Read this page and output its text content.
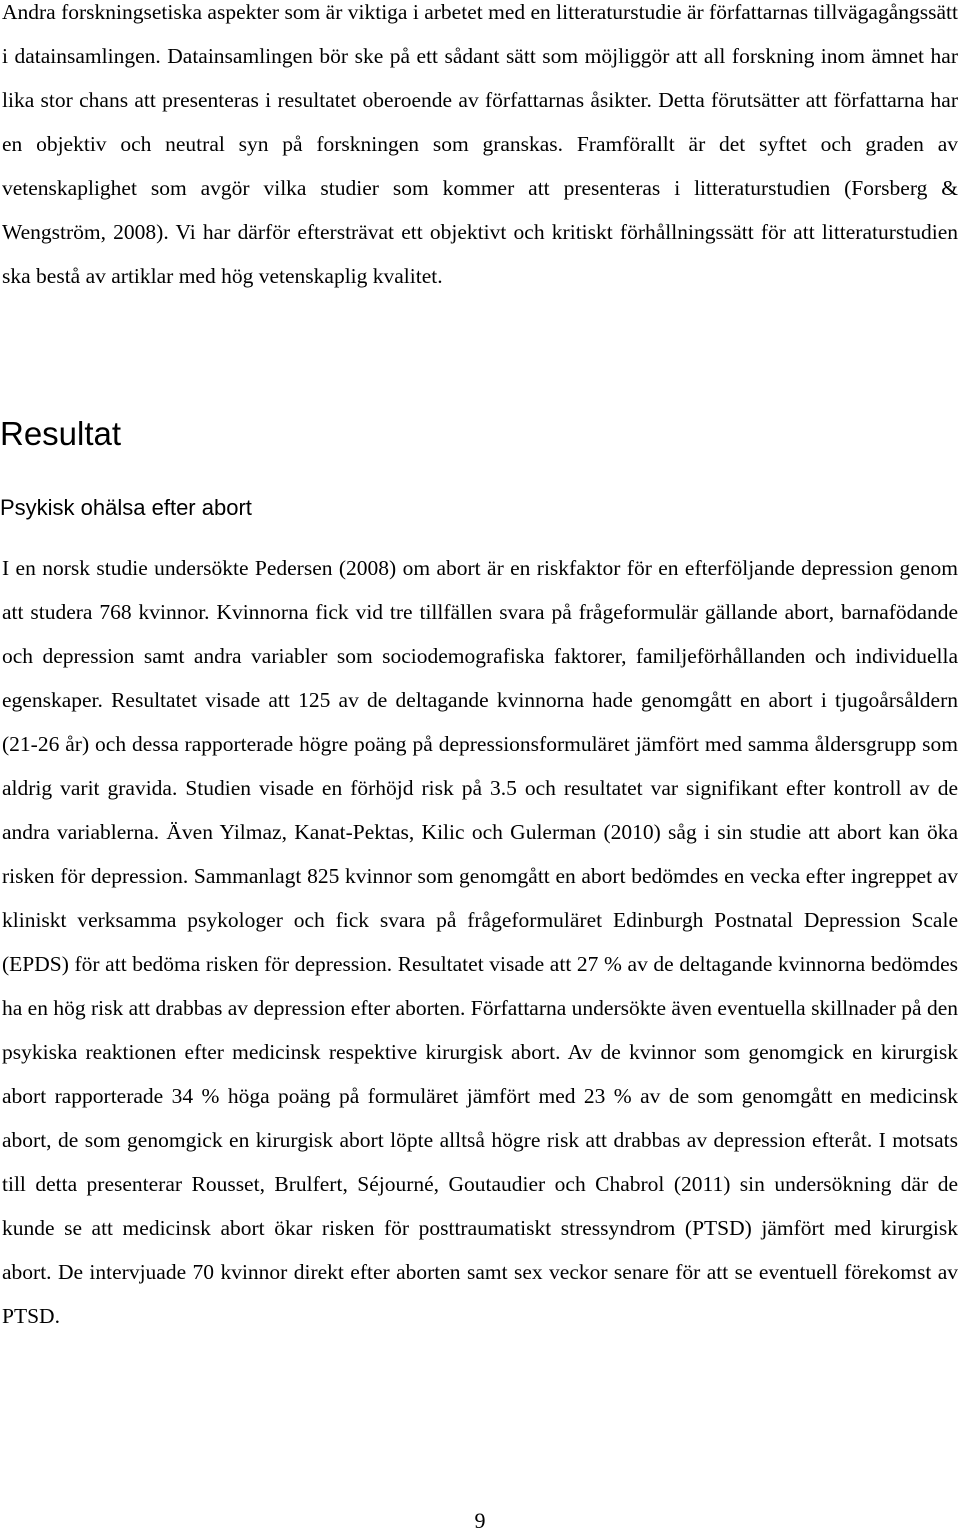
Andra forskningsetiska aspekter som är viktiga i arbetet med en litteraturstudie är författarnas tillvägagångssätt i datainsamlingen. Datainsamlingen bör ske på ett sådant sätt som möjliggör att all forskning inom ämnet har lika stor chans att presenteras i resultatet oberoende av författarnas åsikter. Detta förutsätter att författarna har en objektiv och neutral syn på forskningen som granskas. Framförallt är det syftet och graden av vetenskaplighet som avgör vilka studier som kommer att presenteras i litteraturstudien (Forsberg & Wengström, 2008). Vi har därför eftersträvat ett objektivt och kritiskt förhållningssätt för att litteraturstudien ska bestå av artiklar med hög vetenskaplig kvalitet.

Resultat
Psykisk ohälsa efter abort

I en norsk studie undersökte Pedersen (2008) om abort är en riskfaktor för en efterföljande depression genom att studera 768 kvinnor. Kvinnorna fick vid tre tillfällen svara på frågeformulär gällande abort, barnafödande och depression samt andra variabler som sociodemografiska faktorer, familjeförhållanden och individuella egenskaper. Resultatet visade att 125 av de deltagande kvinnorna hade genomgått en abort i tjugoårsåldern (21-26 år) och dessa rapporterade högre poäng på depressionsformuläret jämfört med samma åldersgrupp som aldrig varit gravida. Studien visade en förhöjd risk på 3.5 och resultatet var signifikant efter kontroll av de andra variablerna. Även Yilmaz, Kanat-Pektas, Kilic och Gulerman (2010) såg i sin studie att abort kan öka risken för depression. Sammanlagt 825 kvinnor som genomgått en abort bedömdes en vecka efter ingreppet av kliniskt verksamma psykologer och fick svara på frågeformuläret Edinburgh Postnatal Depression Scale (EPDS) för att bedöma risken för depression. Resultatet visade att 27 % av de deltagande kvinnorna bedömdes ha en hög risk att drabbas av depression efter aborten. Författarna undersökte även eventuella skillnader på den psykiska reaktionen efter medicinsk respektive kirurgisk abort. Av de kvinnor som genomgick en kirurgisk abort rapporterade 34 % höga poäng på formuläret jämfört med 23 % av de som genomgått en medicinsk abort, de som genomgick en kirurgisk abort löpte alltså högre risk att drabbas av depression efteråt. I motsats till detta presenterar Rousset, Brulfert, Séjourné, Goutaudier och Chabrol (2011) sin undersökning där de kunde se att medicinsk abort ökar risken för posttraumatiskt stressyndrom (PTSD) jämfört med kirurgisk abort. De intervjuade 70 kvinnor direkt efter aborten samt sex veckor senare för att se eventuell förekomst av PTSD.

9
